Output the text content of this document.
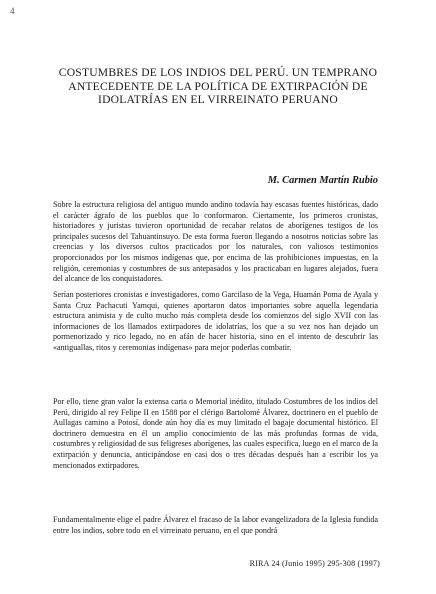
4
COSTUMBRES DE LOS INDIOS DEL PERÚ. UN TEMPRANO ANTECEDENTE DE LA POLÍTICA DE EXTIRPACIÓN DE IDOLATRÍAS EN EL VIRREINATO PERUANO

M. Carmen Martín Rubio

Sobre la estructura religiosa del antiguo mundo andino todavía hay escasas fuentes históricas, dado el carácter ágrafo de los pueblos que lo conformaron. Ciertamente, los primeros cronistas, historiadores y juristas tuvieron oportunidad de recabar relatos de aborígenes testigos de los principales sucesos del Tahuantinsuyo. De esta forma fueron llegando a nosotros noticias sobre las creencias y los diversos cultos practicados por los naturales, con valiosos testimonios proporcionados por los mismos indígenas que, por encima de las prohibiciones impuestas, en la religión, ceremonias y costumbres de sus antepasados y los practicaban en lugares alejados, fuera del alcance de los conquistadores.

Serían posteriores cronistas e investigadores, como Garcilaso de la Vega, Huamán Poma de Ayala y Santa Cruz Pachacuti Yamqui, quienes aportaron datos importantes sobre aquella legendaria estructura animista y de culto mucho más completa desde los comienzos del siglo XVII con las informaciones de los llamados extirpadores de idolatrías, los que a su vez nos han dejado un pormenorizado y rico legado, no en afán de hacer historia, sino en el intento de descubrir las «antiguallas, ritos y ceremonias indígenas» para mejor poderlas combatir.

Por ello, tiene gran valor la extensa carta o Memorial inédito, titulado Costumbres de los indios del Perú, dirigido al rey Felipe II en 1588 por el clérigo Bartolomé Álvarez, doctrinero en el pueblo de Aullagas camino a Potosí, donde aún hoy día es muy limitado el bagaje documental histórico. El doctrinero demuestra en él un amplio conocimiento de las más profundas formas de vida, costumbres y religiosidad de sus feligreses aborígenes, las cuales especifica, luego en el marco de la extirpación y denuncia, anticipándose en casi dos o tres décadas después han a escribir los ya mencionados extirpadores.

Fundamentalmente elige el padre Álvarez el fracaso de la labor evangelizadora de la Iglesia fundida entre los indios, sobre todo en el virreinato peruano, en el que pondrá

RIRA 24 (Junio 1995) 295-308 (1997)
